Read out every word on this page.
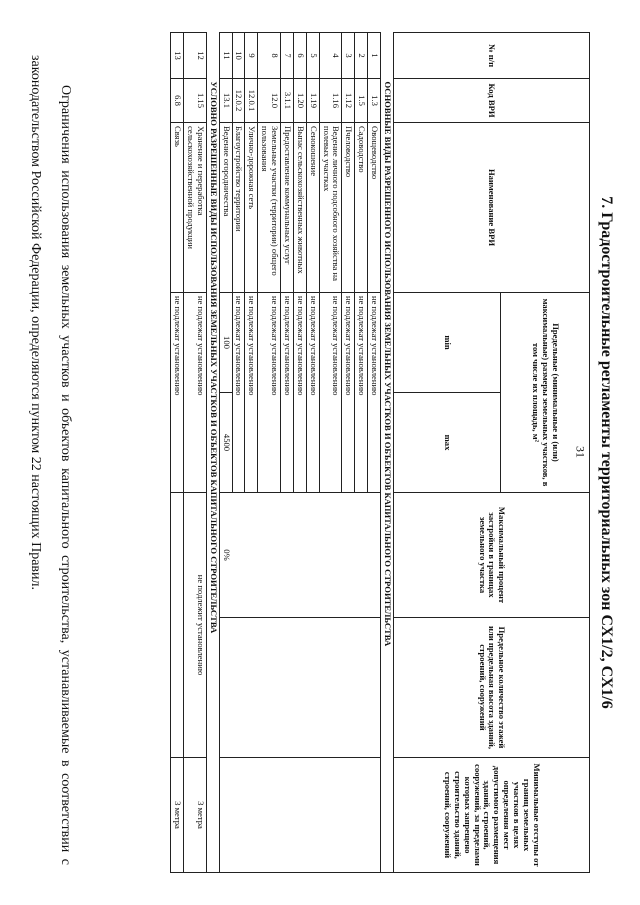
31 7. Градостроительные регламенты территориальных зон СХ1/2, СХ1/6
№ п/п	Код ВРИ	Наименование ВРИ	Предельные (минимальные и (или) максимальные) размеры земельных участков, в том числе их площадь, м²		Максимальный процент застройки в границах земельного участка	Предельное количество этажей или предельная высота зданий, строений, сооружений	Минимальные отступы от границ земельных участков в целях определения мест допустимого размещения зданий, строений, сооружений, за пределами которых запрещено строительство зданий, строений, сооружений
			min	max			
	ОСНОВНЫЕ ВИДЫ РАЗРЕШЕННОГО ИСПОЛЬЗОВАНИЯ ЗЕМЕЛЬНЫХ УЧАСТКОВ И ОБЪЕКТОВ КАПИТАЛЬНОГО СТРОИТЕЛЬСТВА						
1	1.3	Овощеводство	не подлежат установлению		0%		
2	1.5	Садоводство	не подлежат установлению				
3	1.12	Пчеловодство	не подлежат установлению				
4	1.16	Ведение личного подсобного хозяйства на полевых участках	не подлежат установлению				
5	1.19	Сенокошение	не подлежат установлению				
6	1.20	Выпас сельскохозяйственных животных	не подлежат установлению				
7	3.1.1	Предоставление коммунальных услуг	не подлежат установлению				
8	12.0	Земельные участки (территории) общего пользования	не подлежат установлению				
9	12.0.1	Улично-дорожная сеть	не подлежат установлению				
10	12.0.2	Благоустройство территории	не подлежат установлению				
11	13.1	Ведение огородничества	100	4500			
	УСЛОВНО РАЗРЕШЕННЫЕ ВИДЫ ИСПОЛЬЗОВАНИЯ ЗЕМЕЛЬНЫХ УЧАСТКОВ И ОБЪЕКТОВ КАПИТАЛЬНОГО СТРОИТЕЛЬСТВА						
12	1.15	Хранение и переработка сельскохозяйственной продукции	не подлежат установлению		не подлежит установлению		3 метра
13	6.8	Связь	не подлежат установлению				3 метра
Ограничения использования земельных участков и объектов капитального строительства, устанавливаемые в соответствии с законодательством Российской Федерации, определяются пунктом 22 настоящих Правил.
